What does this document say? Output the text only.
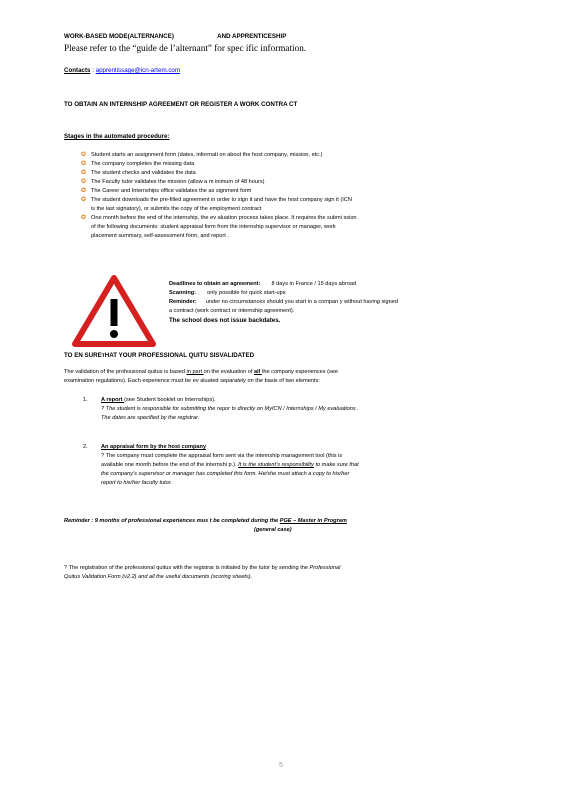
WORK-BASED MODE(ALTERNANCE)	AND APPRENTICESHIP
Please refer to the “guide de l’alternant” for spec ific information.
Contacts : apprentissage@icn-artem.com
TO OBTAIN AN INTERNSHIP AGREEMENT OR REGISTER A WORK CONTRA CT
Stages in the automated procedure:
✪ Student starts an assignment form (dates, informati on about the host company, mission, etc.)
✪ The company completes the missing data
✪ The student checks and validates the data
✪ The Faculty tutor validates the mission (allow a m inimum of 48 hours)
✪ The Career and Internships office validates the as signment form
✪ The student downloads the pre-filled agreement in order to sign it and have the host company sign it (ICN
is the last signatory), or submits the copy of the employment contract
✪ One month before the end of the internship, the ev aluation process takes place. It requires the submi ssion
of the following documents: student appraisal form from the internship supervisor or manager, work
placement summary, self-assessment form, and report .
Deadlines to obtain an agreement: 8 days in France / 15 days abroad
Scanning: only possible for quick start-ups
Reminder: under no circumstances should you start in a compan y without having signed
a contract (work contract or internship agreement).
The school does not issue backdates.
TO EN SUREтHAT YOUR PROFESSIONAL QUITU SISVALIDATED
The validation of the professional quitus is based in part on the evaluation of all the company experiences (see
examination regulations). Each experience must be ev aluated separately on the basis of two elements:
1. A report (see Student booklet on Internships).
? The student is responsible for submitting the repor ts directly on MyICN / Internships / My evaluations .
The dates are specified by the registrar.
2. An appraisal form by the host company
? The company must complete the appraisal form sent via the internship management tool (this is
available one month before the end of the internshi p.). It is the student’s responsibility to make sure that
the company’s supervisor or manager has completed this form. He/she must attach a copy to his/her
report to his/her faculty tutor.
Reminder : 9 months of professional experiences mus t be completed during the PGE – Master in Program
(general case)
? The registration of the professional quitus with the registrar is initiated by the tutor by sending the Professional
Quitus Validation Form (v2.2) and all the useful documents (scoring sheets).
5
